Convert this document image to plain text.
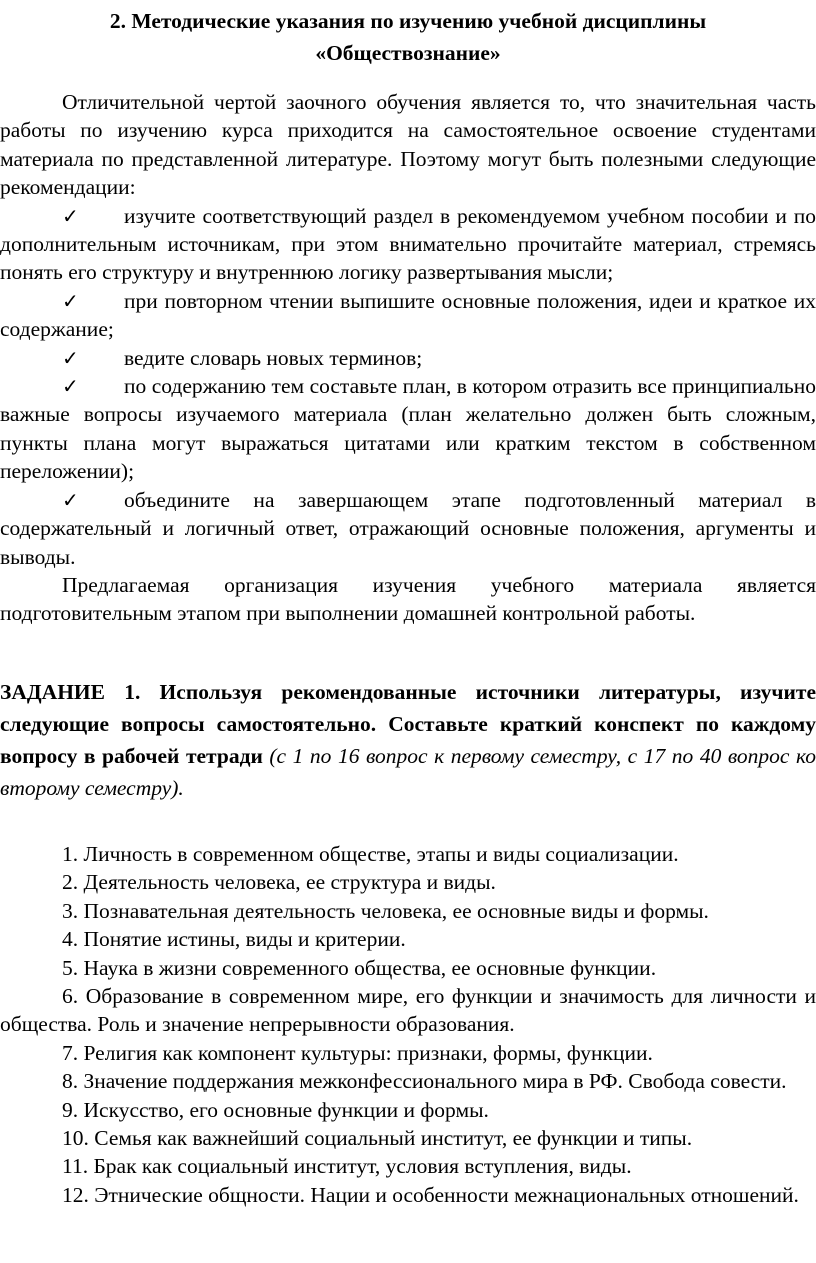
2. Методические указания по изучению учебной дисциплины

«Обществознание»

Отличительной чертой заочного обучения является то, что значительная часть работы по изучению курса приходится на самостоятельное освоение студентами материала по представленной литературе. Поэтому могут быть полезными следующие рекомендации:

✓ изучите соответствующий раздел в рекомендуемом учебном пособии и по дополнительным источникам, при этом внимательно прочитайте материал, стремясь понять его структуру и внутреннюю логику развертывания мысли;

✓ при повторном чтении выпишите основные положения, идеи и краткое их содержание;

✓ ведите словарь новых терминов;

✓ по содержанию тем составьте план, в котором отразить все принципиально важные вопросы изучаемого материала (план желательно должен быть сложным, пункты плана могут выражаться цитатами или кратким текстом в собственном переложении);

✓ объедините на завершающем этапе подготовленный материал в содержательный и логичный ответ, отражающий основные положения, аргументы и выводы.

Предлагаемая организация изучения учебного материала является подготовительным этапом при выполнении домашней контрольной работы.

ЗАДАНИЕ 1. Используя рекомендованные источники литературы, изучите следующие вопросы самостоятельно. Составьте краткий конспект по каждому вопросу в рабочей тетради (с 1 по 16 вопрос к первому семестру, с 17 по 40 вопрос ко второму семестру).

1. Личность в современном обществе, этапы и виды социализации.

2. Деятельность человека, ее структура и виды.

3. Познавательная деятельность человека, ее основные виды и формы.

4. Понятие истины, виды и критерии.

5. Наука в жизни современного общества, ее основные функции.

6. Образование в современном мире, его функции и значимость для личности и общества. Роль и значение непрерывности образования.

7. Религия как компонент культуры: признаки, формы, функции.

8. Значение поддержания межконфессионального мира в РФ. Свобода совести.

9. Искусство, его основные функции и формы.

10. Семья как важнейший социальный институт, ее функции и типы.

11. Брак как социальный институт, условия вступления, виды.

12. Этнические общности. Нации и особенности межнациональных отношений.
